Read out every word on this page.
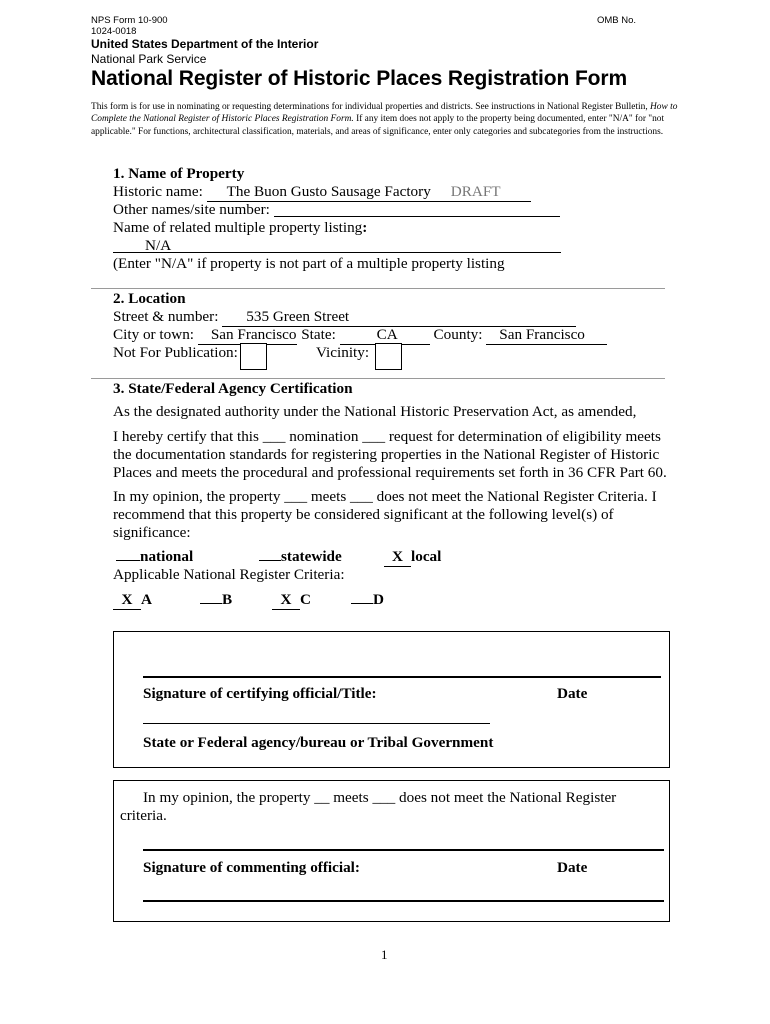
NPS Form 10-900	OMB No.
1024-0018
United States Department of the Interior
National Park Service
National Register of Historic Places Registration Form
This form is for use in nominating or requesting determinations for individual properties and districts. See instructions in National Register Bulletin, How to Complete the National Register of Historic Places Registration Form. If any item does not apply to the property being documented, enter "N/A" for "not applicable." For functions, architectural classification, materials, and areas of significance, enter only categories and subcategories from the instructions.
1. Name of Property
Historic name: The Buon Gusto Sausage Factory DRAFT
Other names/site number:
Name of related multiple property listing:
N/A
(Enter "N/A" if property is not part of a multiple property listing
2. Location
Street & number: 535 Green Street
City or town: San Francisco State:	CA County: San Francisco
Not For Publication:	Vicinity:
3. State/Federal Agency Certification
As the designated authority under the National Historic Preservation Act, as amended,
I hereby certify that this ___ nomination ___ request for determination of eligibility meets the documentation standards for registering properties in the National Register of Historic Places and meets the procedural and professional requirements set forth in 36 CFR Part 60.
In my opinion, the property ___ meets ___ does not meet the National Register Criteria. I recommend that this property be considered significant at the following level(s) of significance:
national	statewide	X local
Applicable National Register Criteria:
X A	B	X C	D
Signature of certifying official/Title:	Date
State or Federal agency/bureau or Tribal Government
In my opinion, the property __ meets ___ does not meet the National Register criteria.
Signature of commenting official:	Date
1
